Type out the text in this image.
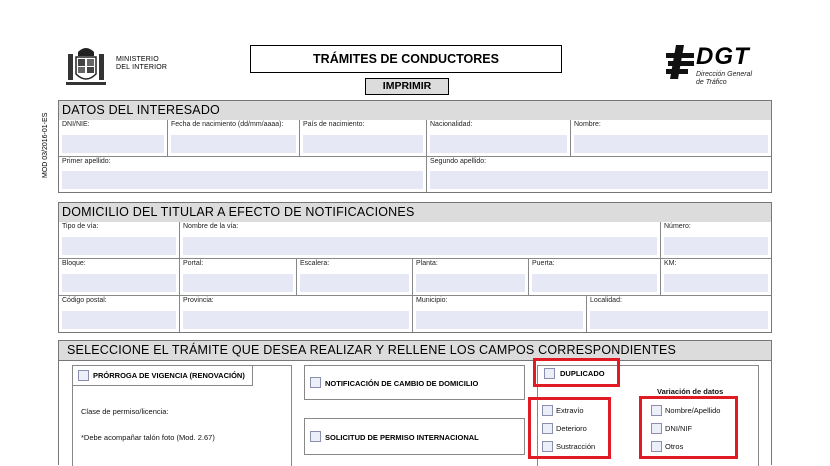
MINISTERIO
DEL INTERIOR
TRÁMITES DE CONDUCTORES
IMPRIMIR
DGT
Dirección General
de Tráfico
MOD 03/2016-01-ES
DATOS DEL INTERESADO
DNI/NIE:	Fecha de nacimiento (dd/mm/aaaa):	País de nacimiento:	Nacionalidad:	Nombre:
Primer apellido:	Segundo apellido:
DOMICILIO DEL TITULAR A EFECTO DE NOTIFICACIONES
Tipo de vía:	Nombre de la vía:	Número:
Bloque:	Portal:	Escalera:	Planta:	Puerta:	KM:
Código postal:	Provincia:	Municipio:	Localidad:
SELECCIONE EL TRÁMITE QUE DESEA REALIZAR Y RELLENE LOS CAMPOS CORRESPONDIENTES
PRÓRROGA DE VIGENCIA (RENOVACIÓN)
Clase de permiso/licencia:
*Debe acompañar talón foto (Mod. 2.67)
NOTIFICACIÓN DE CAMBIO DE DOMICILIO
SOLICITUD DE PERMISO INTERNACIONAL
DUPLICADO
Extravío
Deterioro
Sustracción
Variación de datos
Nombre/Apellido
DNI/NIF
Otros
